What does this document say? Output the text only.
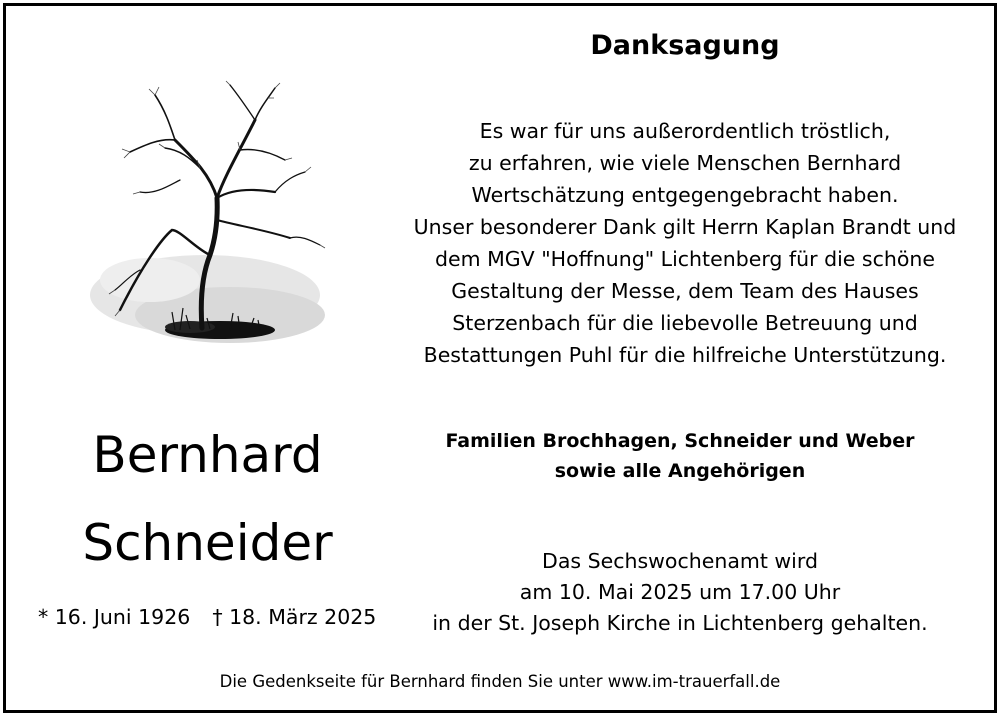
Danksagung
Es war für uns außerordentlich tröstlich,
zu erfahren, wie viele Menschen Bernhard
Wertschätzung entgegengebracht haben.
Unser besonderer Dank gilt Herrn Kaplan Brandt und
dem MGV "Hoffnung" Lichtenberg für die schöne
Gestaltung der Messe, dem Team des Hauses
Sterzenbach für die liebevolle Betreuung und
Bestattungen Puhl für die hilfreiche Unterstützung.
Familien Brochhagen, Schneider und Weber
sowie alle Angehörigen
Das Sechswochenamt wird
am 10. Mai 2025 um 17.00 Uhr
in der St. Joseph Kirche in Lichtenberg gehalten.
Bernhard
Schneider
* 16. Juni 1926 † 18. März 2025
Die Gedenkseite für Bernhard finden Sie unter www.im-trauerfall.de
